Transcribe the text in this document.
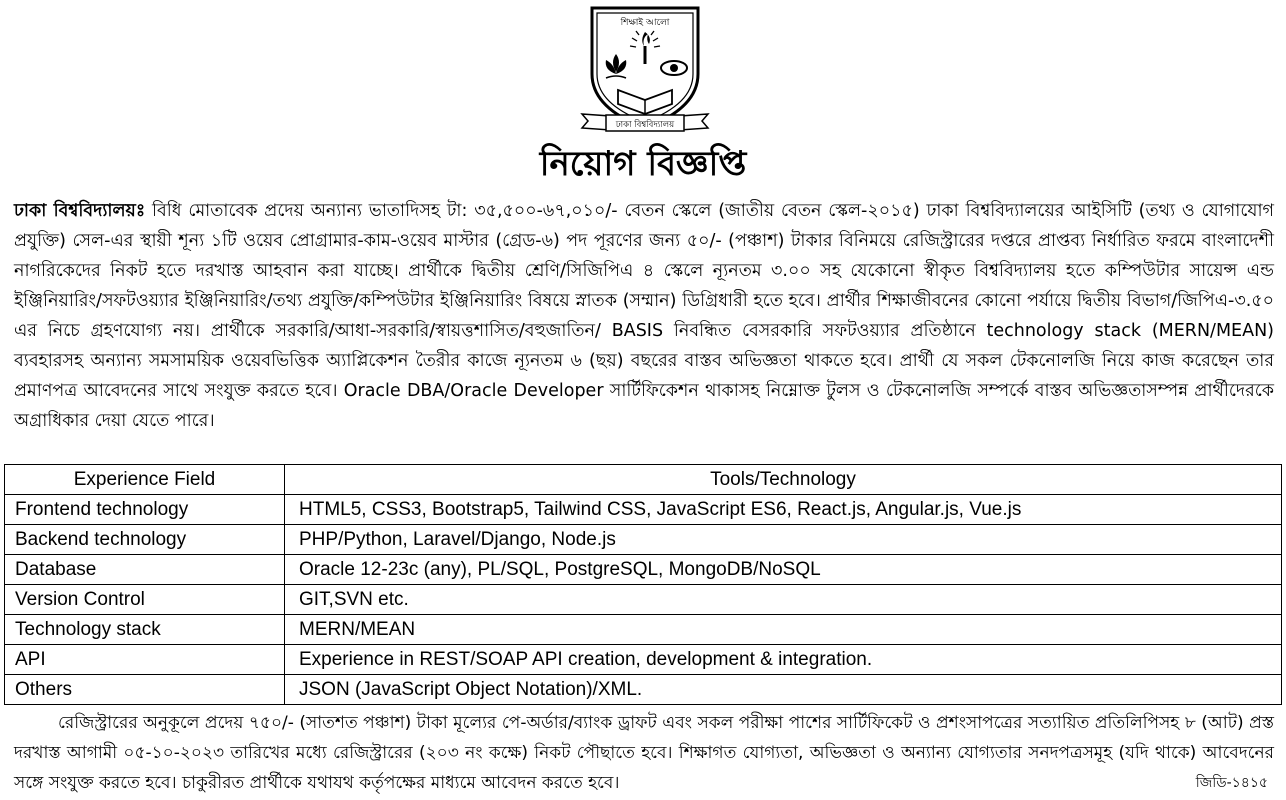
শিক্ষাই আলো
ঢাকা বিশ্ববিদ্যালয়
নিয়োগ বিজ্ঞপ্তি
ঢাকা বিশ্ববিদ্যালয়ঃ বিধি মোতাবেক প্রদেয় অন্যান্য ভাতাদিসহ টা: ৩৫,৫০০-৬৭,০১০/- বেতন স্কেলে (জাতীয় বেতন স্কেল-২০১৫) ঢাকা বিশ্ববিদ্যালয়ের আইসিটি (তথ্য ও যোগাযোগ প্রযুক্তি) সেল-এর স্থায়ী শূন্য ১টি ওয়েব প্রোগ্রামার-কাম-ওয়েব মাস্টার (গ্রেড-৬) পদ পূরণের জন্য ৫০/- (পঞ্চাশ) টাকার বিনিময়ে রেজিস্ট্রারের দপ্তরে প্রাপ্তব্য নির্ধারিত ফরমে বাংলাদেশী নাগরিকেদের নিকট হতে দরখাস্ত আহবান করা যাচ্ছে। প্রার্থীকে দ্বিতীয় শ্রেণি/সিজিপিএ ৪ স্কেলে ন্যূনতম ৩.০০ সহ যেকোনো স্বীকৃত বিশ্ববিদ্যালয় হতে কম্পিউটার সায়েন্স এন্ড ইঞ্জিনিয়ারিং/সফটওয়্যার ইঞ্জিনিয়ারিং/তথ্য প্রযুক্তি/কম্পিউটার ইঞ্জিনিয়ারিং বিষয়ে স্নাতক (সম্মান) ডিগ্রিধারী হতে হবে। প্রার্থীর শিক্ষাজীবনের কোনো পর্যায়ে দ্বিতীয় বিভাগ/জিপিএ-৩.৫০ এর নিচে গ্রহণযোগ্য নয়। প্রার্থীকে সরকারি/আধা-সরকারি/স্বায়ত্তশাসিত/বহুজাতিন/ BASIS নিবন্ধিত বেসরকারি সফটওয়্যার প্রতিষ্ঠানে technology stack (MERN/MEAN) ব্যবহারসহ অন্যান্য সমসাময়িক ওয়েবভিত্তিক অ্যাপ্লিকেশন তৈরীর কাজে ন্যূনতম ৬ (ছয়) বছরের বাস্তব অভিজ্ঞতা থাকতে হবে। প্রার্থী যে সকল টেকনোলজি নিয়ে কাজ করেছেন তার প্রমাণপত্র আবেদনের সাথে সংযুক্ত করতে হবে। Oracle DBA/Oracle Developer সার্টিফিকেশন থাকাসহ নিম্নোক্ত টুলস ও টেকনোলজি সম্পর্কে বাস্তব অভিজ্ঞতাসম্পন্ন প্রার্থীদেরকে অগ্রাধিকার দেয়া যেতে পারে।
Experience Field	Tools/Technology
Frontend technology	HTML5, CSS3, Bootstrap5, Tailwind CSS, JavaScript ES6, React.js, Angular.js, Vue.js
Backend technology	PHP/Python, Laravel/Django, Node.js
Database	Oracle 12-23c (any), PL/SQL, PostgreSQL, MongoDB/NoSQL
Version Control	GIT,SVN etc.
Technology stack	MERN/MEAN
API	Experience in REST/SOAP API creation, development & integration.
Others	JSON (JavaScript Object Notation)/XML.
রেজিস্ট্রারের অনুকূলে প্রদেয় ৭৫০/- (সাতশত পঞ্চাশ) টাকা মূল্যের পে-অর্ডার/ব্যাংক ড্রাফট এবং সকল পরীক্ষা পাশের সার্টিফিকেট ও প্রশংসাপত্রের সত্যায়িত প্রতিলিপিসহ ৮ (আট) প্রস্ত দরখাস্ত আগামী ০৫-১০-২০২৩ তারিখের মধ্যে রেজিস্ট্রারের (২০৩ নং কক্ষে) নিকট পৌছাতে হবে। শিক্ষাগত যোগ্যতা, অভিজ্ঞতা ও অন্যান্য যোগ্যতার সনদপত্রসমূহ (যদি থাকে) আবেদনের সঙ্গে সংযুক্ত করতে হবে। চাকুরীরত প্রার্থীকে যথাযথ কর্তৃপক্ষের মাধ্যমে আবেদন করতে হবে।	জিডি-১৪১৫
